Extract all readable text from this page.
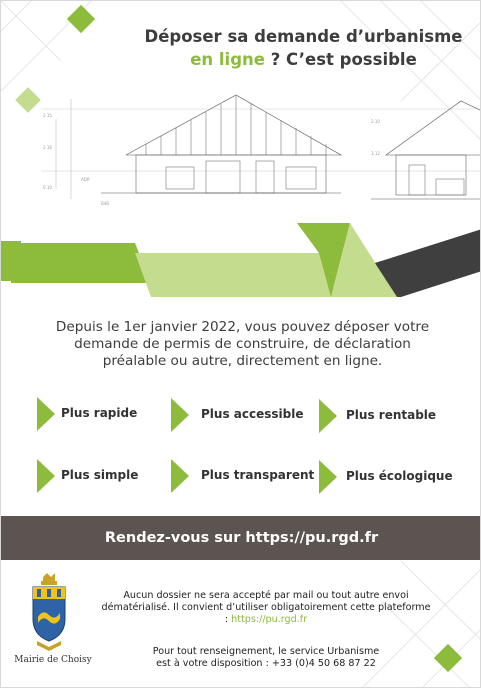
Déposer sa demande d’urbanisme
en ligne ? C’est possible
2.15
2.16
0.10
ADR
B4B
2.10
3.12
Depuis le 1er janvier 2022, vous pouvez déposer votre demande de permis de construire, de déclaration préalable ou autre, directement en ligne.
Plus rapide	Plus accessible	Plus rentable
Plus simple	Plus transparent	Plus écologique
Rendez-vous sur https://pu.rgd.fr
Mairie de Choisy
Aucun dossier ne sera accepté par mail ou tout autre envoi dématérialisé. Il convient d’utiliser obligatoirement cette plateforme : https://pu.rgd.fr
Pour tout renseignement, le service Urbanisme
est à votre disposition : +33 (0)4 50 68 87 22
